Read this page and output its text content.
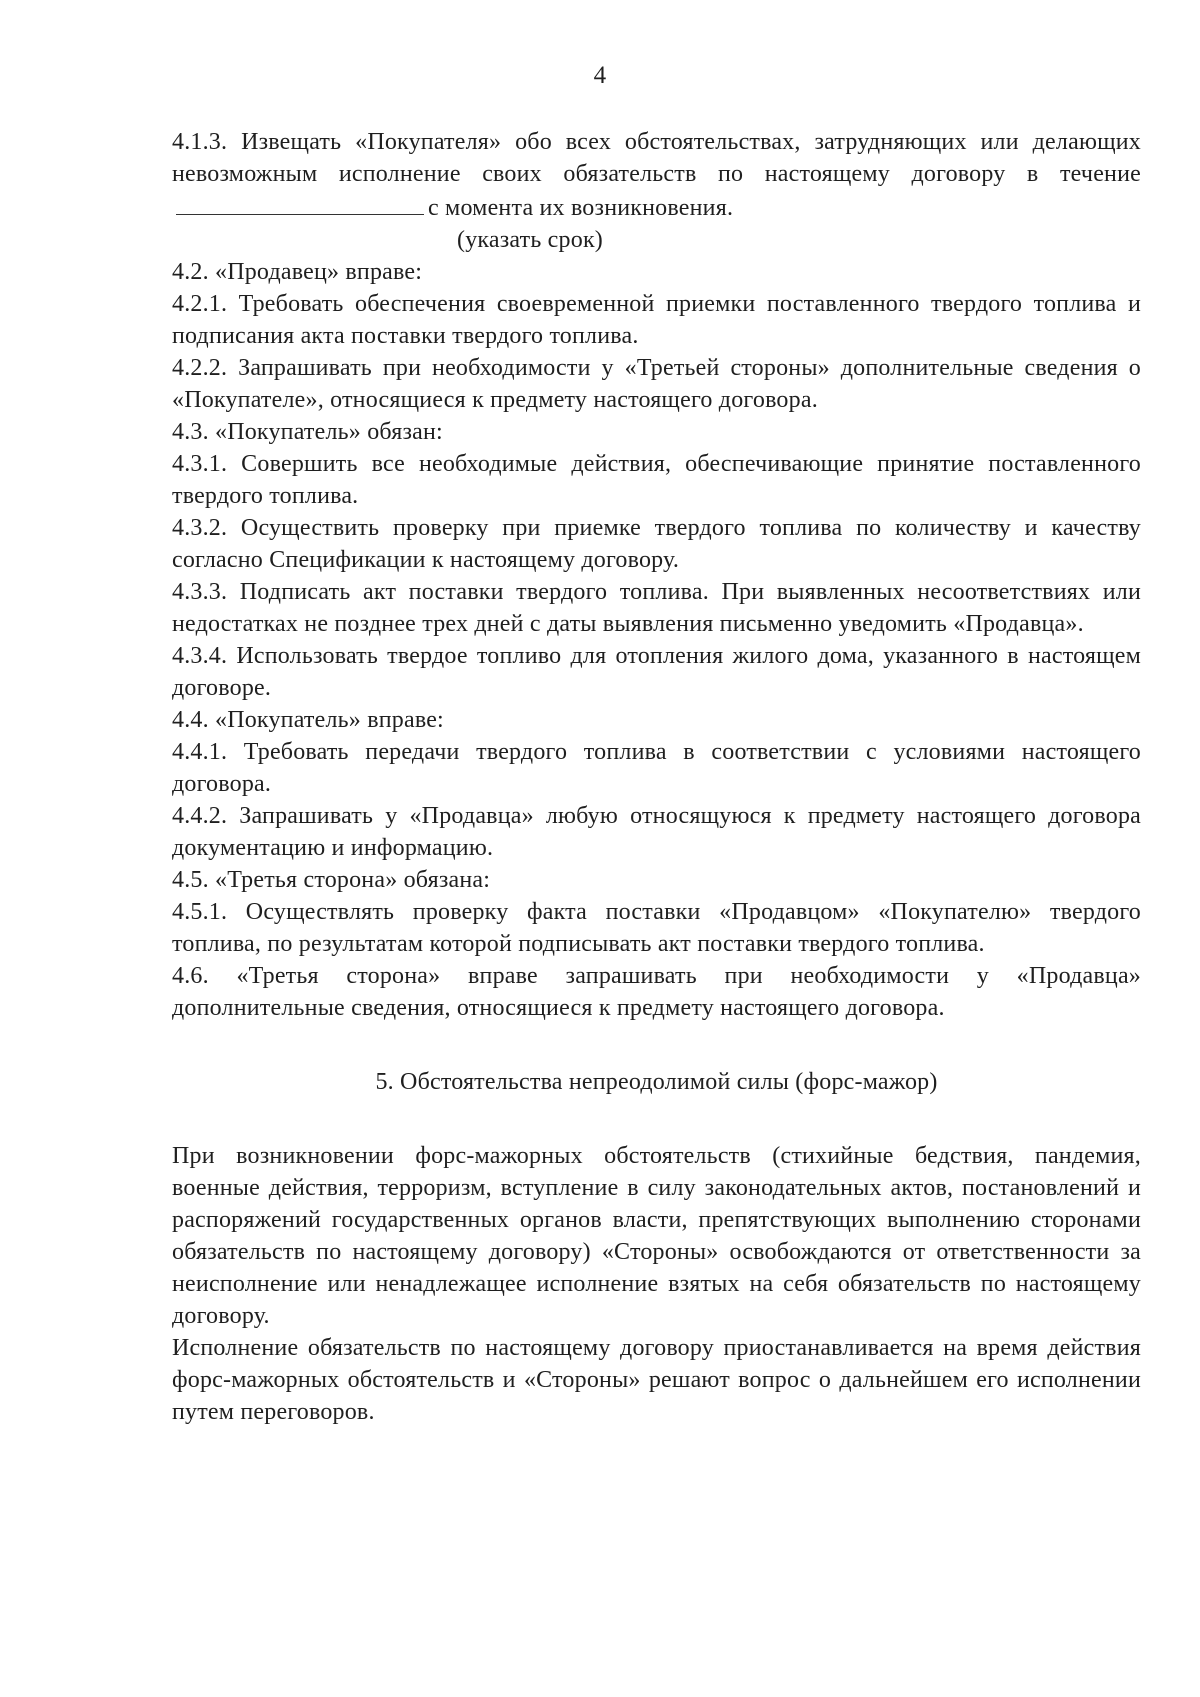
4

4.1.3. Извещать «Покупателя» обо всех обстоятельствах, затрудняющих или делающих невозможным исполнение своих обязательств по настоящему договору в течениес момента их возникновения.

(указать срок)

4.2. «Продавец» вправе:

4.2.1. Требовать обеспечения своевременной приемки поставленного твердого топлива и подписания акта поставки твердого топлива.

4.2.2. Запрашивать при необходимости у «Третьей стороны» дополнительные сведения о «Покупателе», относящиеся к предмету настоящего договора.

4.3. «Покупатель» обязан:

4.3.1. Совершить все необходимые действия, обеспечивающие принятие поставленного твердого топлива.

4.3.2. Осуществить проверку при приемке твердого топлива по количеству и качеству согласно Спецификации к настоящему договору.

4.3.3. Подписать акт поставки твердого топлива. При выявленных несоответствиях или недостатках не позднее трех дней с даты выявления письменно уведомить «Продавца».

4.3.4. Использовать твердое топливо для отопления жилого дома, указанного в настоящем договоре.

4.4. «Покупатель» вправе:

4.4.1. Требовать передачи твердого топлива в соответствии с условиями настоящего договора.

4.4.2. Запрашивать у «Продавца» любую относящуюся к предмету настоящего договора документацию и информацию.

4.5. «Третья сторона» обязана:

4.5.1. Осуществлять проверку факта поставки «Продавцом» «Покупателю» твердого топлива, по результатам которой подписывать акт поставки твердого топлива.

4.6. «Третья сторона» вправе запрашивать при необходимости у «Продавца» дополнительные сведения, относящиеся к предмету настоящего договора.

5. Обстоятельства непреодолимой силы (форс-мажор)

При возникновении форс-мажорных обстоятельств (стихийные бедствия, пандемия, военные действия, терроризм, вступление в силу законодательных актов, постановлений и распоряжений государственных органов власти, препятствующих выполнению сторонами обязательств по настоящему договору) «Стороны» освобождаются от ответственности за неисполнение или ненадлежащее исполнение взятых на себя обязательств по настоящему договору.

Исполнение обязательств по настоящему договору приостанавливается на время действия форс-мажорных обстоятельств и «Стороны» решают вопрос о дальнейшем его исполнении путем переговоров.
